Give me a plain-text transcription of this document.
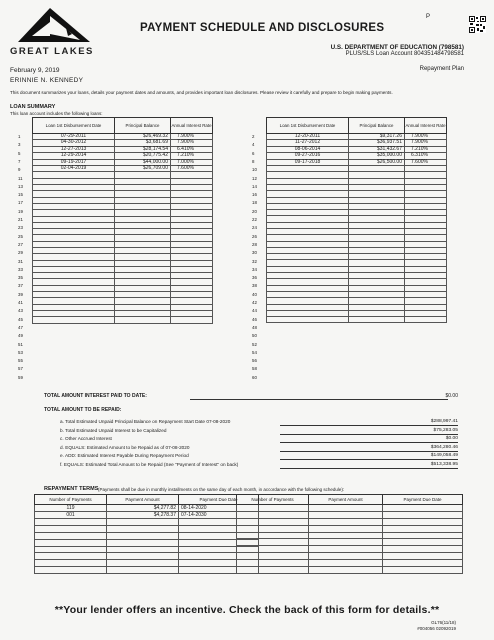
GREAT LAKES
PAYMENT SCHEDULE AND DISCLOSURES
P
U.S. DEPARTMENT OF EDUCATION (798581)
PLUS/SLS Loan Account 804351484798581
Repayment Plan
February 9, 2019
ERINNIE N. KENNEDY
This document summarizes your loans, details your payment dates and amounts, and provides important loan disclosures. Please review it carefully and prepare to begin making payments.
LOAN SUMMARY
This loan account includes the following loans:
Loan 1st Disbursement Date	Principal Balance	Annual Interest Rate
07-29-2011	$26,469.32	7.900%
04-30-2012	$3,681.69	7.900%
12-27-2013	$28,174.54	6.410%
12-29-2014	$20,775.42	7.210%
09-19-2017	$44,000.00	7.000%
02-04-2019	$26,709.00	7.600%

Loan 1st Disbursement Date	Principal Balance	Annual Interest Rate
12-20-2011	$9,317.26	7.900%
11-27-2012	$36,937.51	7.900%
08-06-2014	$31,432.67	7.210%
09-27-2016	$35,000.00	6.310%
09-17-2018	$26,500.00	7.600%

1
3
5
7
9
11
13
15
17
19
21
23
25
27
29
31
33
35
37
39
41
43
45
47
49
51
53
55
57
59
2
4
6
8
10
12
14
16
18
20
22
24
26
28
30
32
34
36
38
40
42
44
46
48
50
52
54
56
58
60
TOTAL AMOUNT INTEREST PAID TO DATE:	$0.00
TOTAL AMOUNT TO BE REPAID:
a. Total Estimated Unpaid Principal Balance on Repayment Start Date 07-08-2020	$288,997.41
b. Total Estimated Unpaid Interest to be Capitalized	$75,283.05
c. Other Accrued Interest	$0.00
d. EQUALS: Estimated Amount to be Repaid as of 07-08-2020	$364,280.46
e. ADD: Estimated Interest Payable During Repayment Period	$149,058.49
f. EQUALS: Estimated Total Amount to be Repaid (See "Payment of Interest" on back)	$513,338.95
REPAYMENT TERMS (Payments shall be due in monthly installments on the same day of each month, in accordance with the following schedule):
Number of Payments	Payment Amount	Payment Due Date
119	$4,277.82	08-14-2020
001	$4,278.37	07-14-2030

Number of Payments	Payment Amount	Payment Due Date

**Your lender offers an incentive. Check the back of this form for details.**
GL76(11/18)
#004056 02092019
